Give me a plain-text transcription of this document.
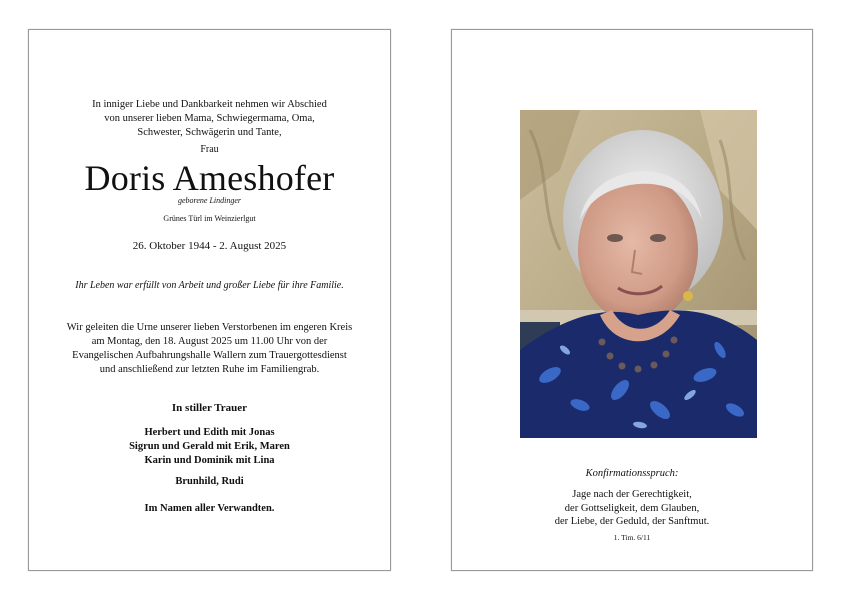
In inniger Liebe und Dankbarkeit nehmen wir Abschied
von unserer lieben Mama, Schwiegermama, Oma,
Schwester, Schwägerin und Tante,
Frau
Doris Ameshofer
geborene Lindinger
Grünes Türl im Weinzierlgut
26. Oktober 1944 - 2. August 2025
Ihr Leben war erfüllt von Arbeit und großer Liebe für ihre Familie.
Wir geleiten die Urne unserer lieben Verstorbenen im engeren Kreis
am Montag, den 18. August 2025 um 11.00 Uhr von der
Evangelischen Aufbahrungshalle Wallern zum Trauergottesdienst
und anschließend zur letzten Ruhe im Familiengrab.
In stiller Trauer
Herbert und Edith mit Jonas
Sigrun und Gerald mit Erik, Maren
Karin und Dominik mit Lina
Brunhild, Rudi
Im Namen aller Verwandten.
Konfirmationsspruch:
Jage nach der Gerechtigkeit,
der Gottseligkeit, dem Glauben,
der Liebe, der Geduld, der Sanftmut.
1. Tim. 6/11
